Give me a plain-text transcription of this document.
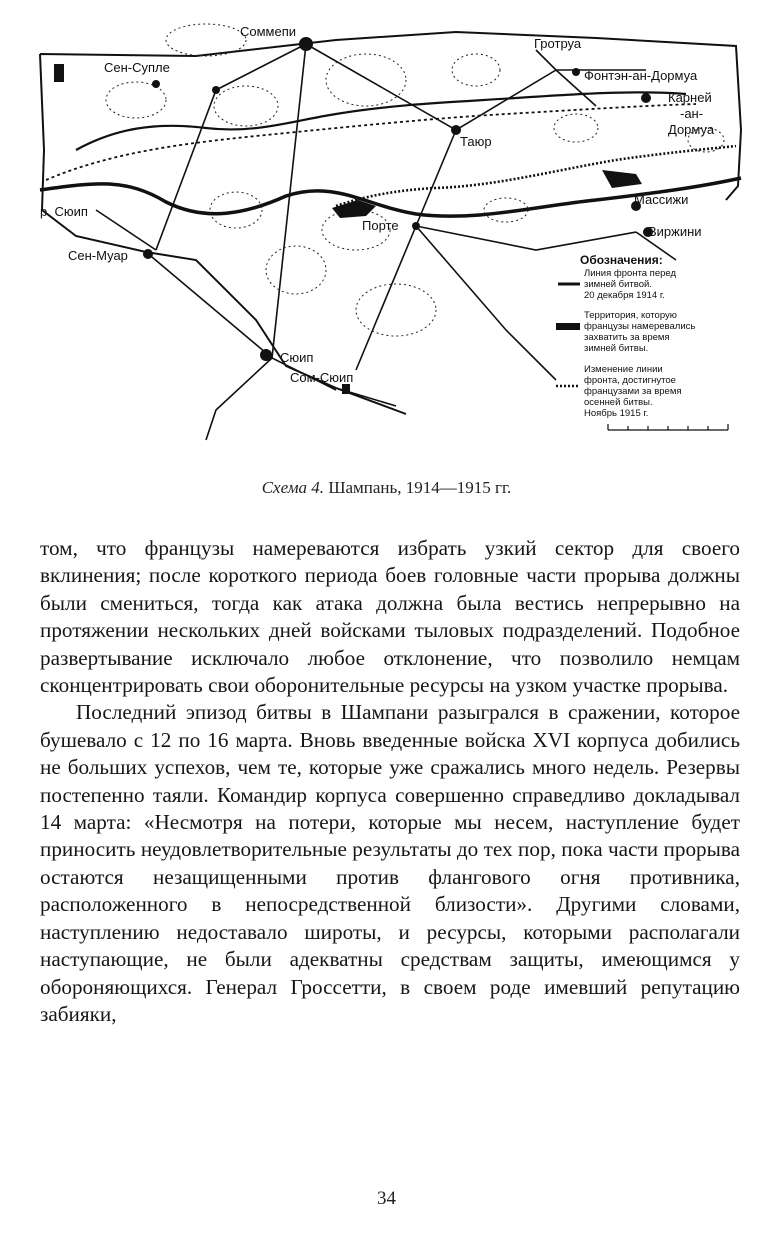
Соммепи
Сен-Супле
Гротруа
Фонтэн-ан-Дормуа
Карней
-ан-
Дормуа
Таюр
Массижи
р. Сюип
Порте	Виржини
Сен-Муар
Сюип
Сом-Сюип
Обозначения:
Линия фронта перед
зимней битвой.
20 декабря 1914 г.
Территория, которую
французы намеревались
захватить за время
зимней битвы.
Изменение линии
фронта, достигнутое
французами за время
осенней битвы.
Ноябрь 1915 г.
Схема 4. Шампань, 1914—1915 гг.

том, что французы намереваются избрать узкий сектор для своего вклинения; после короткого периода боев головные части прорыва должны были смениться, тогда как атака должна была вестись непрерывно на протяжении нескольких дней войсками тыловых подразделений. Подобное развертывание исключало любое отклонение, что позволило немцам сконцентрировать свои оборонительные ресурсы на узком участке прорыва.

Последний эпизод битвы в Шампани разыгрался в сражении, которое бушевало с 12 по 16 марта. Вновь введенные войска XVI корпуса добились не больших успехов, чем те, которые уже сражались много недель. Резервы постепенно таяли. Командир корпуса совершенно справедливо докладывал 14 марта: «Несмотря на потери, которые мы несем, наступление будет приносить неудовлетворительные результаты до тех пор, пока части прорыва остаются незащищенными против флангового огня противника, расположенного в непосредственной близости». Другими словами, наступлению недоставало широты, и ресурсы, которыми располагали наступающие, не были адекватны средствам защиты, имеющимся у обороняющихся. Генерал Гроссетти, в своем роде имевший репутацию забияки,

34
